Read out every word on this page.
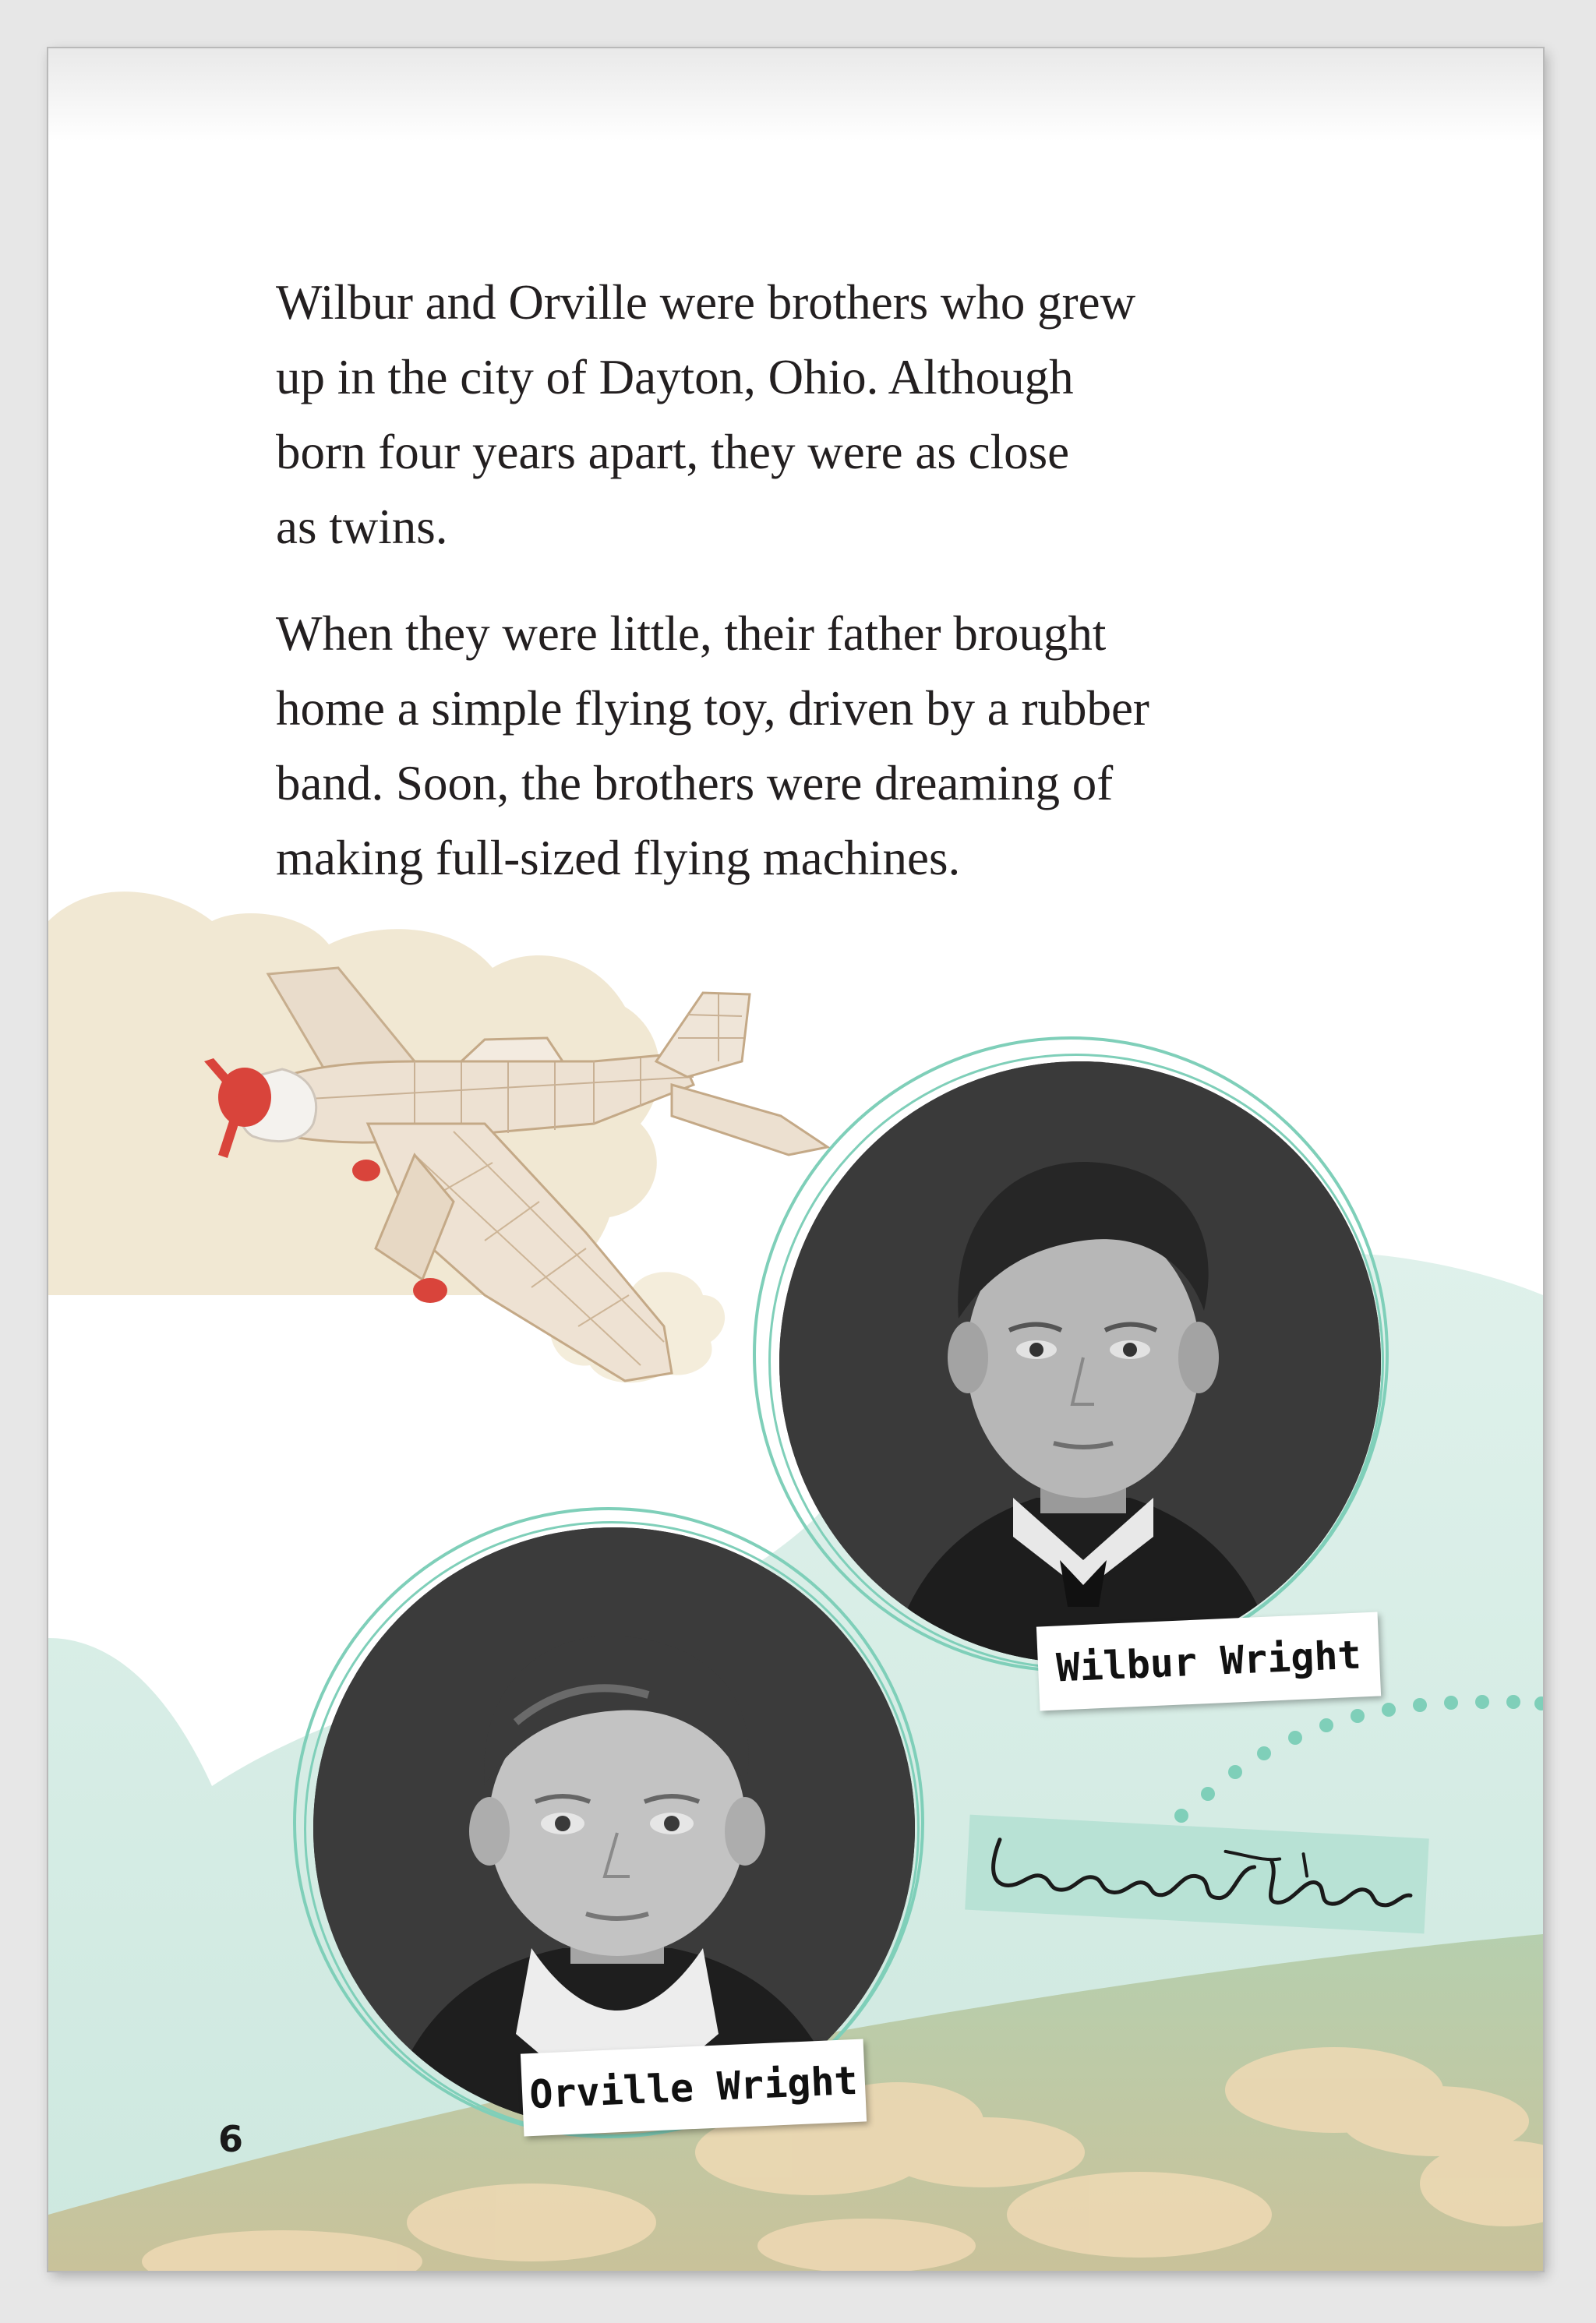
Wilbur and Orville were brothers who grew
up in the city of Dayton, Ohio. Although
born four years apart, they were as close
as twins.

When they were little, their father brought
home a simple flying toy, driven by a rubber
band. Soon, the brothers were dreaming of
making full-sized flying machines.

Wilbur Wright
Orville Wright
6
